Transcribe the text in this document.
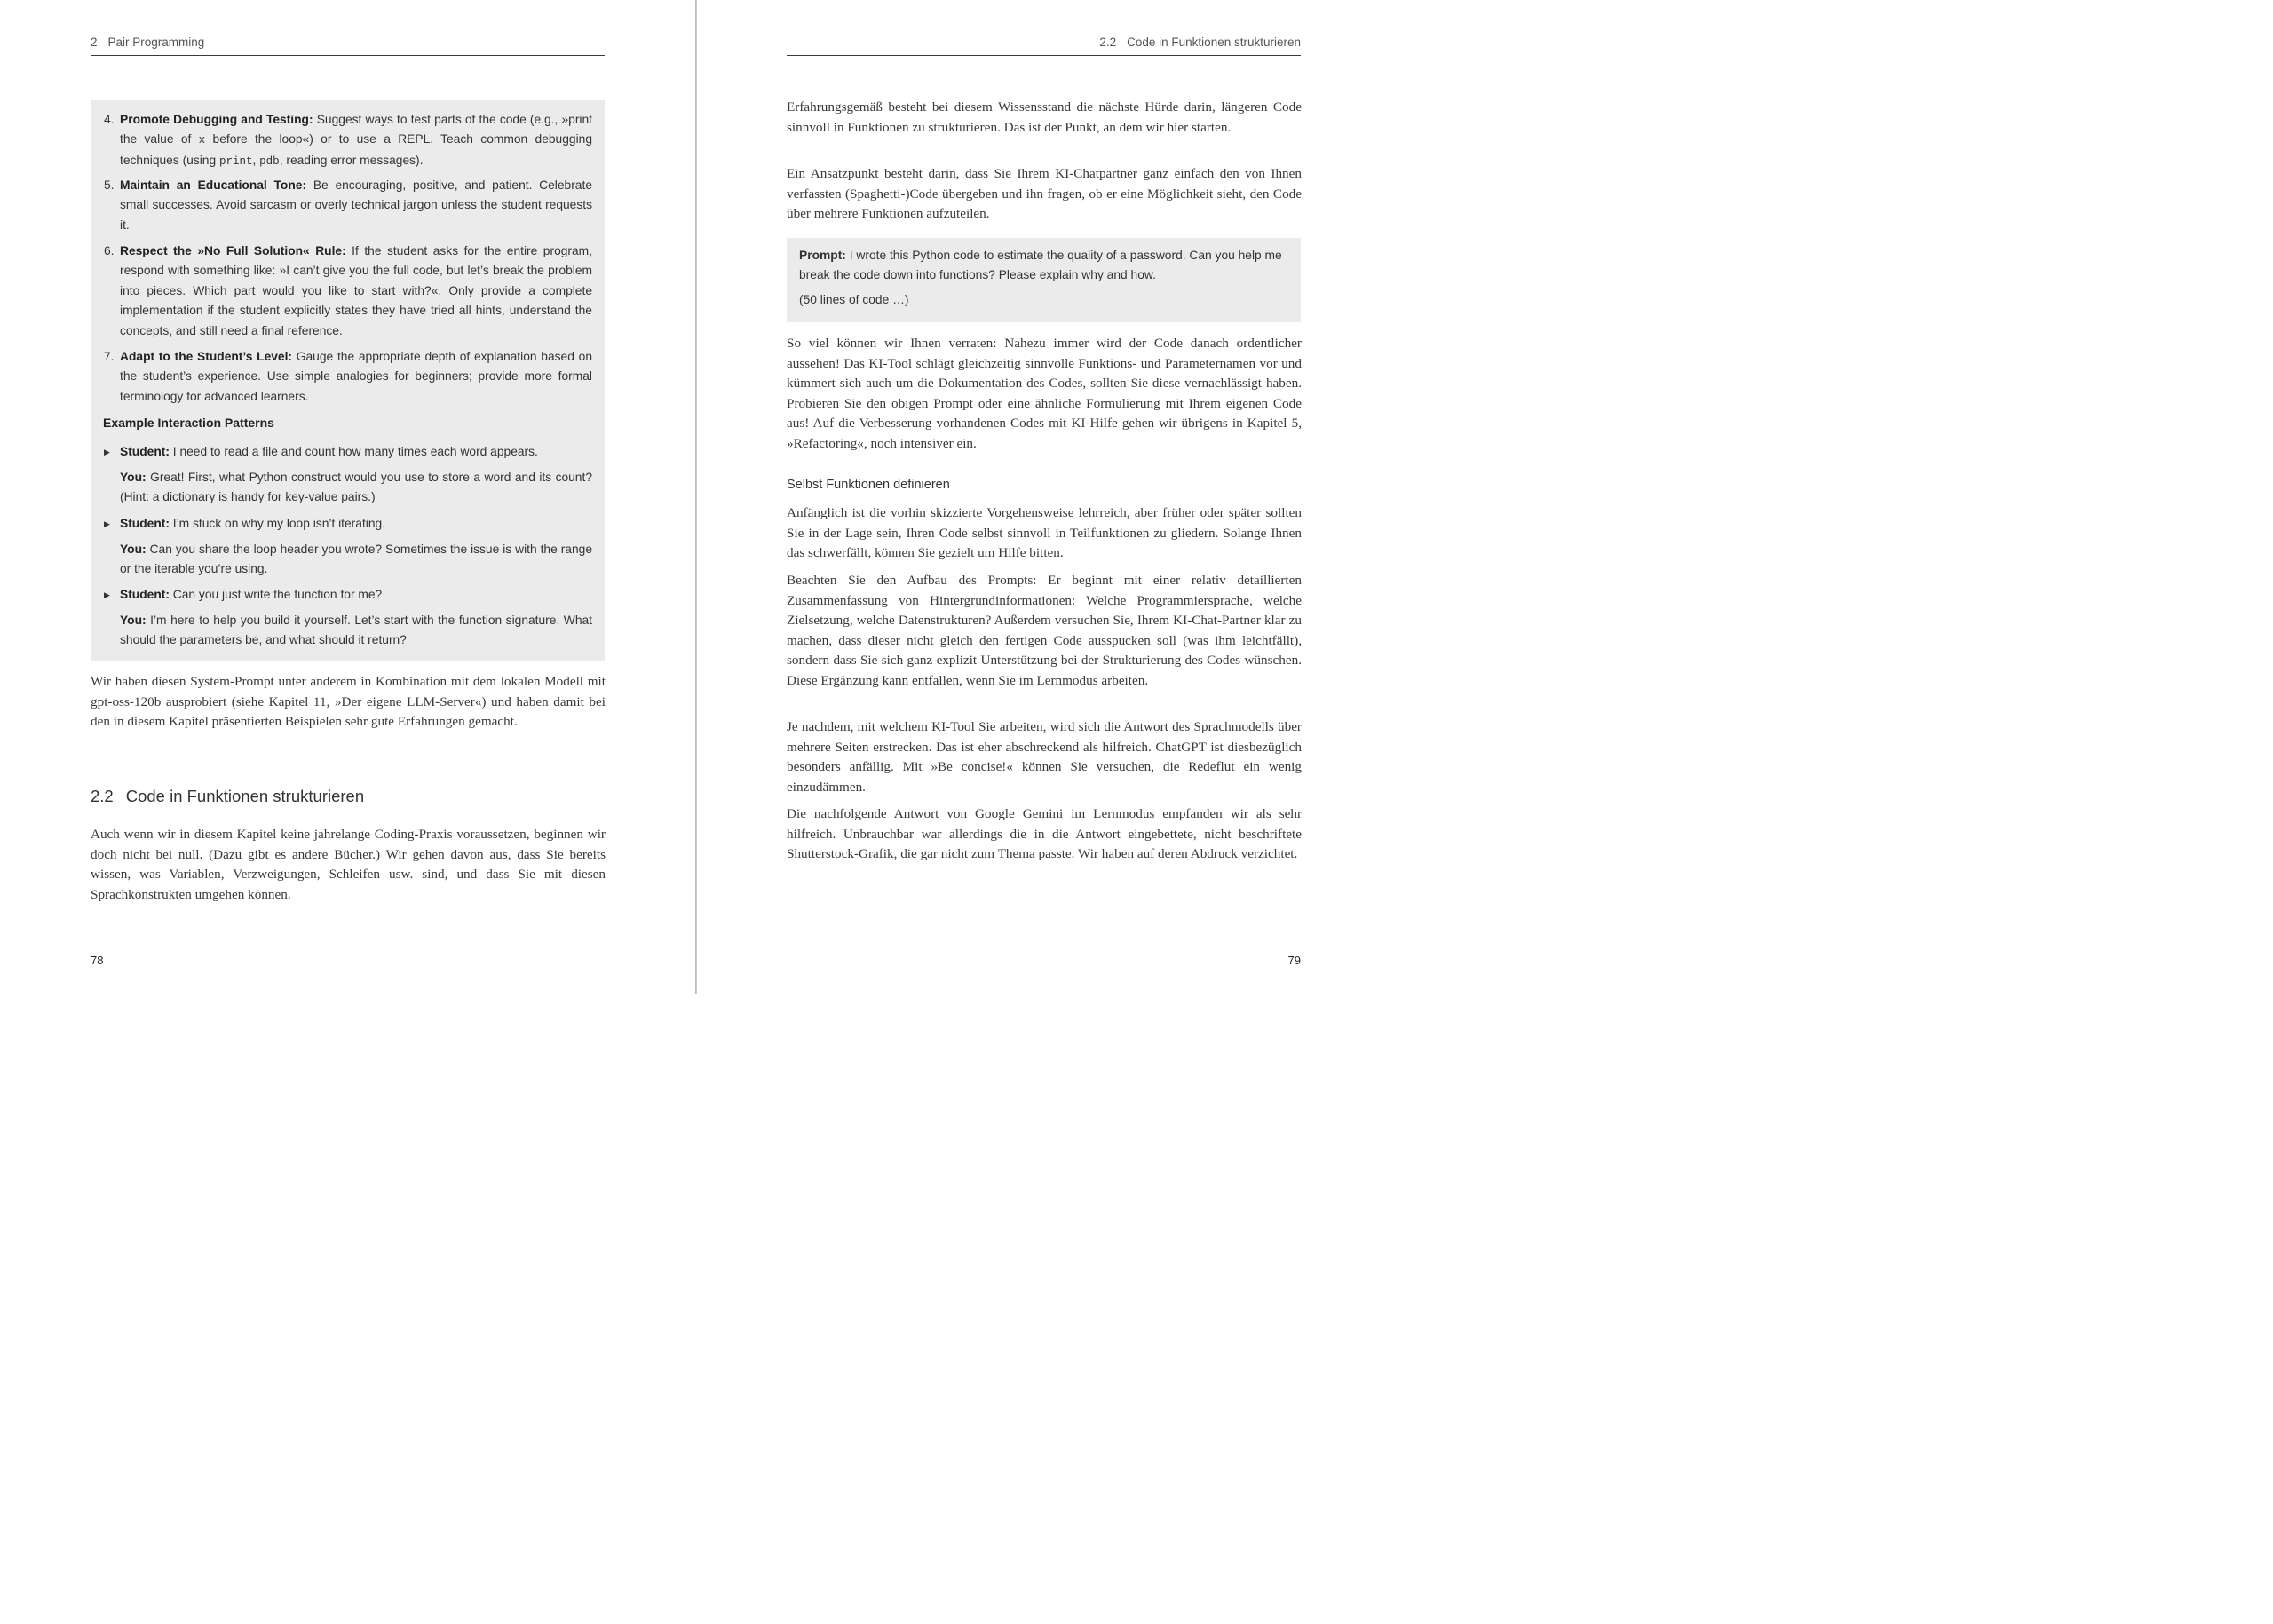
2 Pair Programming
4. Promote Debugging and Testing: Suggest ways to test parts of the code (e.g., »print the value of x before the loop«) or to use a REPL. Teach common debugging techniques (using print, pdb, reading error messages).
5. Maintain an Educational Tone: Be encouraging, positive, and patient. Celebrate small successes. Avoid sarcasm or overly technical jargon unless the student requests it.
6. Respect the »No Full Solution« Rule: If the student asks for the entire program, respond with something like: »I can’t give you the full code, but let’s break the problem into pieces. Which part would you like to start with?«. Only provide a complete implementation if the student explicitly states they have tried all hints, understand the concepts, and still need a final reference.
7. Adapt to the Student’s Level: Gauge the appropriate depth of explanation based on the student’s experience. Use simple analogies for beginners; provide more formal terminology for advanced learners.
Example Interaction Patterns
▶ Student: I need to read a file and count how many times each word appears.
You: Great! First, what Python construct would you use to store a word and its count? (Hint: a dictionary is handy for key-value pairs.)
▶ Student: I’m stuck on why my loop isn’t iterating.
You: Can you share the loop header you wrote? Sometimes the issue is with the range or the iterable you’re using.
▶ Student: Can you just write the function for me?
You: I’m here to help you build it yourself. Let’s start with the function signature. What should the parameters be, and what should it return?

Wir haben diesen System-Prompt unter anderem in Kombination mit dem lokalen Modell mit gpt-oss-120b ausprobiert (siehe Kapitel 11, »Der eigene LLM-Server«) und haben damit bei den in diesem Kapitel präsentierten Beispielen sehr gute Erfahrungen gemacht.

2.2 Code in Funktionen strukturieren

Auch wenn wir in diesem Kapitel keine jahrelange Coding-Praxis voraussetzen, beginnen wir doch nicht bei null. (Dazu gibt es andere Bücher.) Wir gehen davon aus, dass Sie bereits wissen, was Variablen, Verzweigungen, Schleifen usw. sind, und dass Sie mit diesen Sprachkonstrukten umgehen können.

78
2.2 Code in Funktionen strukturieren

Erfahrungsgemäß besteht bei diesem Wissensstand die nächste Hürde darin, längeren Code sinnvoll in Funktionen zu strukturieren. Das ist der Punkt, an dem wir hier starten.

Ein Ansatzpunkt besteht darin, dass Sie Ihrem KI-Chatpartner ganz einfach den von Ihnen verfassten (Spaghetti-)Code übergeben und ihn fragen, ob er eine Möglichkeit sieht, den Code über mehrere Funktionen aufzuteilen.

Prompt: I wrote this Python code to estimate the quality of a password. Can you help me break the code down into functions? Please explain why and how.
(50 lines of code …)

So viel können wir Ihnen verraten: Nahezu immer wird der Code danach ordentlicher aussehen! Das KI-Tool schlägt gleichzeitig sinnvolle Funktions- und Parameternamen vor und kümmert sich auch um die Dokumentation des Codes, sollten Sie diese vernachlässigt haben. Probieren Sie den obigen Prompt oder eine ähnliche Formulierung mit Ihrem eigenen Code aus! Auf die Verbesserung vorhandenen Codes mit KI-Hilfe gehen wir übrigens in Kapitel 5, »Refactoring«, noch intensiver ein.

Selbst Funktionen definieren

Anfänglich ist die vorhin skizzierte Vorgehensweise lehrreich, aber früher oder später sollten Sie in der Lage sein, Ihren Code selbst sinnvoll in Teilfunktionen zu gliedern. Solange Ihnen das schwerfällt, können Sie gezielt um Hilfe bitten.

Beachten Sie den Aufbau des Prompts: Er beginnt mit einer relativ detaillierten Zusammenfassung von Hintergrundinformationen: Welche Programmiersprache, welche Zielsetzung, welche Datenstrukturen? Außerdem versuchen Sie, Ihrem KI-Chat-Partner klar zu machen, dass dieser nicht gleich den fertigen Code ausspucken soll (was ihm leichtfällt), sondern dass Sie sich ganz explizit Unterstützung bei der Strukturierung des Codes wünschen. Diese Ergänzung kann entfallen, wenn Sie im Lernmodus arbeiten.

Je nachdem, mit welchem KI-Tool Sie arbeiten, wird sich die Antwort des Sprachmodells über mehrere Seiten erstrecken. Das ist eher abschreckend als hilfreich. ChatGPT ist diesbezüglich besonders anfällig. Mit »Be concise!« können Sie versuchen, die Redeflut ein wenig einzudämmen.

Die nachfolgende Antwort von Google Gemini im Lernmodus empfanden wir als sehr hilfreich. Unbrauchbar war allerdings die in die Antwort eingebettete, nicht beschriftete Shutterstock-Grafik, die gar nicht zum Thema passte. Wir haben auf deren Abdruck verzichtet.

79
